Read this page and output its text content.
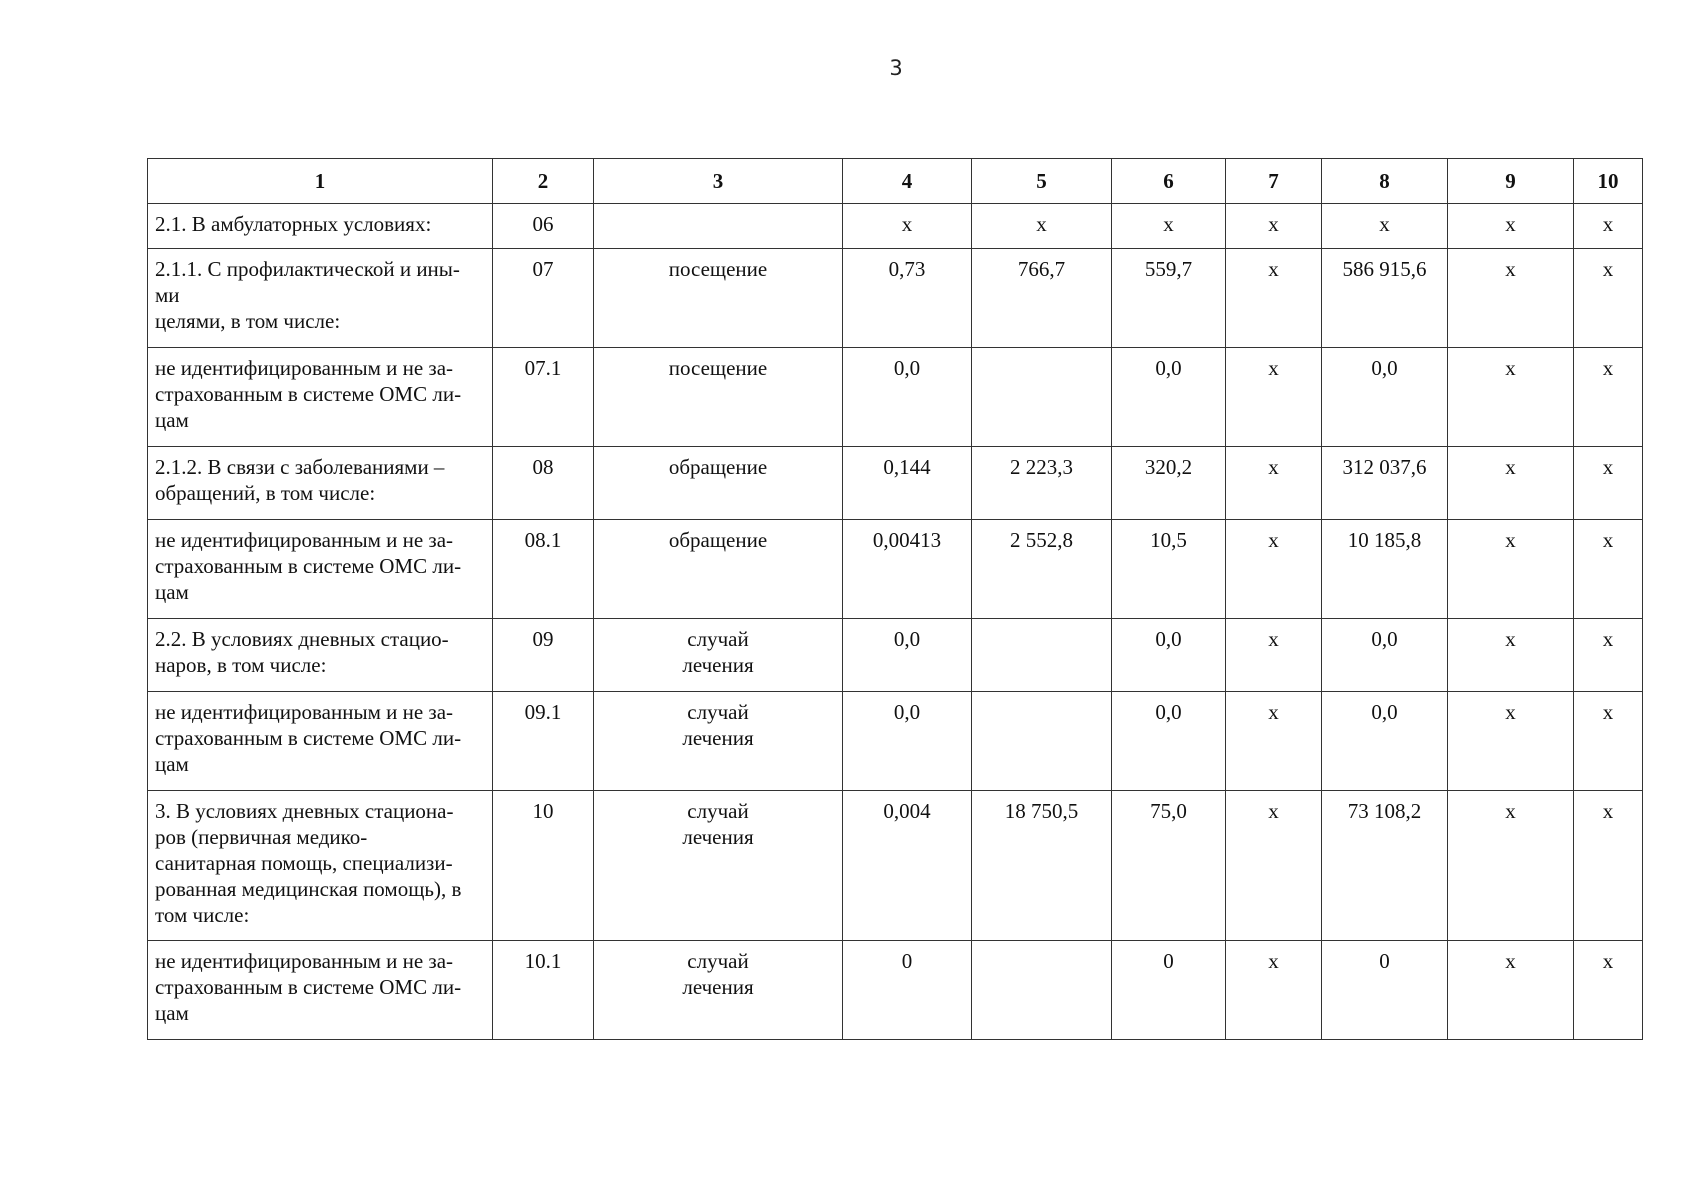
3
1	2	3	4	5	6	7	8	9	10
2.1. В амбулаторных условиях:	06		х	х	х	х	х	х	х
2.1.1. С профилактической и ины-
ми
целями, в том числе:	07	посещение	0,73	766,7	559,7	х	586 915,6	х	х
не идентифицированным и не за-
страхованным в системе ОМС ли-
цам	07.1	посещение	0,0		0,0	х	0,0	х	х
2.1.2. В связи с заболеваниями –
обращений, в том числе:	08	обращение	0,144	2 223,3	320,2	х	312 037,6	х	х
не идентифицированным и не за-
страхованным в системе ОМС ли-
цам	08.1	обращение	0,00413	2 552,8	10,5	х	10 185,8	х	х
2.2. В условиях дневных стацио-
наров, в том числе:	09	случай
лечения	0,0		0,0	х	0,0	х	х
не идентифицированным и не за-
страхованным в системе ОМС ли-
цам	09.1	случай
лечения	0,0		0,0	х	0,0	х	х
3. В условиях дневных стациона-
ров (первичная медико-
санитарная помощь, специализи-
рованная медицинская помощь), в
том числе:	10	случай
лечения	0,004	18 750,5	75,0	х	73 108,2	х	х
не идентифицированным и не за-
страхованным в системе ОМС ли-
цам	10.1	случай
лечения	0		0	х	0	х	х
